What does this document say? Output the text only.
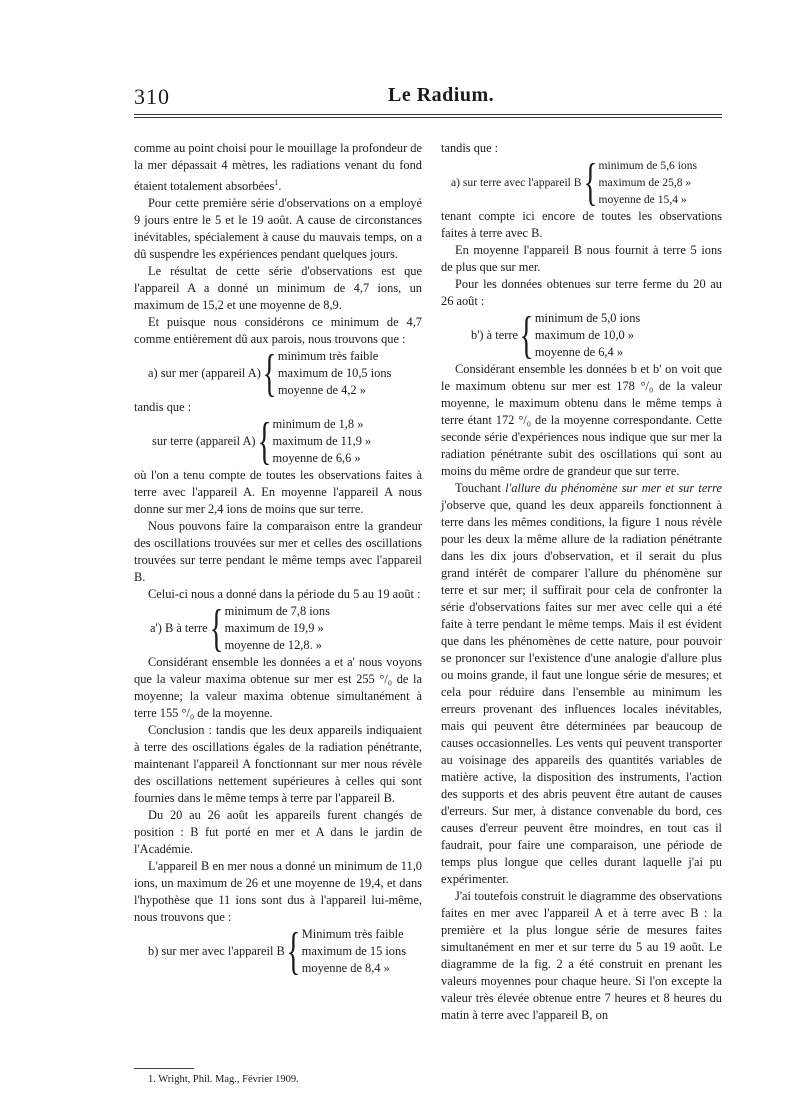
310	Le Radium.

comme au point choisi pour le mouillage la profondeur de la mer dépassait 4 mètres, les radiations venant du fond étaient totalement absorbées$^1$.

Pour cette première série d'observations on a employé 9 jours entre le 5 et le 19 août. A cause de circonstances inévitables, spécialement à cause du mauvais temps, on a dû suspendre les expériences pendant quelques jours.

Le résultat de cette série d'observations est que l'appareil A a donné un minimum de 4,7 ions, un maximum de 15,2 et une moyenne de 8,9.

Et puisque nous considérons ce minimum de 4,7 comme entièrement dû aux parois, nous trouvons que :

a) sur mer (appareil A) { minimum très faible
maximum de 10,5 ions
moyenne de 4,2 »

tandis que :

sur terre (appareil A) { minimum de 1,8 »
maximum de 11,9 »
moyenne de 6,6 »

où l'on a tenu compte de toutes les observations faites à terre avec l'appareil A. En moyenne l'appareil A nous donne sur mer 2,4 ions de moins que sur terre.

Nous pouvons faire la comparaison entre la grandeur des oscillations trouvées sur mer et celles des oscillations trouvées sur terre pendant le même temps avec l'appareil B.

Celui-ci nous a donné dans la période du 5 au 19 août :

a') B à terre { minimum de 7,8 ions
maximum de 19,9 »
moyenne de 12,8. »

Considérant ensemble les données a et a' nous voyons que la valeur maxima obtenue sur mer est 255 °/₀ de la moyenne; la valeur maxima obtenue simultanément à terre 155 °/₀ de la moyenne.

Conclusion : tandis que les deux appareils indiquaient à terre des oscillations égales de la radiation pénétrante, maintenant l'appareil A fonctionnant sur mer nous révèle des oscillations nettement supérieures à celles qui sont fournies dans le même temps à terre par l'appareil B.

Du 20 au 26 août les appareils furent changés de position : B fut porté en mer et A dans le jardin de l'Académie.

L'appareil B en mer nous a donné un minimum de 11,0 ions, un maximum de 26 et une moyenne de 19,4, et dans l'hypothèse que 11 ions sont dus à l'appareil lui-même, nous trouvons que :

b) sur mer avec l'appareil B { Minimum très faible
maximum de 15 ions
moyenne de 8,4 »
1. Wright, Phil. Mag., Février 1909.

tandis que :

a) sur terre avec l'appareil B { minimum de 5,6 ions
maximum de 25,8 »
moyenne de 15,4 »

tenant compte ici encore de toutes les observations faites à terre avec B.

En moyenne l'appareil B nous fournit à terre 5 ions de plus que sur mer.

Pour les données obtenues sur terre ferme du 20 au 26 août :

b') à terre { minimum de 5,0 ions
maximum de 10,0 »
moyenne de 6,4 »

Considérant ensemble les données b et b' on voit que le maximum obtenu sur mer est 178 °/₀ de la valeur moyenne, le maximum obtenu dans le même temps à terre étant 172 °/₀ de la moyenne correspondante. Cette seconde série d'expériences nous indique que sur mer la radiation pénétrante subit des oscillations qui sont au moins du même ordre de grandeur que sur terre.

Touchant l'allure du phénomène sur mer et sur terre j'observe que, quand les deux appareils fonctionnent à terre dans les mêmes conditions, la figure 1 nous révèle pour les deux la même allure de la radiation pénétrante dans les dix jours d'observation, et il serait du plus grand intérêt de comparer l'allure du phénomène sur terre et sur mer; il suffirait pour cela de confronter la série d'observations faites sur mer avec celle qui a été faite à terre pendant le même temps. Mais il est évident que dans les phénomènes de cette nature, pour pouvoir se prononcer sur l'existence d'une analogie d'allure plus ou moins grande, il faut une longue série de mesures; et cela pour réduire dans l'ensemble au minimum les erreurs provenant des influences locales inévitables, mais qui peuvent être déterminées par beaucoup de causes occasionnelles. Les vents qui peuvent transporter au voisinage des appareils des quantités variables de matière active, la disposition des instruments, l'action des supports et des abris peuvent être autant de causes d'erreurs. Sur mer, à distance convenable du bord, ces causes d'erreur peuvent être moindres, en tout cas il faudrait, pour faire une comparaison, une période de temps plus longue que celles durant laquelle j'ai pu expérimenter.

J'ai toutefois construit le diagramme des observations faites en mer avec l'appareil A et à terre avec B : la première et la plus longue série de mesures faites simultanément en mer et sur terre du 5 au 19 août. Le diagramme de la fig. 2 a été construit en prenant les valeurs moyennes pour chaque heure. Si l'on excepte la valeur très élevée obtenue entre 7 heures et 8 heures du matin à terre avec l'appareil B, on
